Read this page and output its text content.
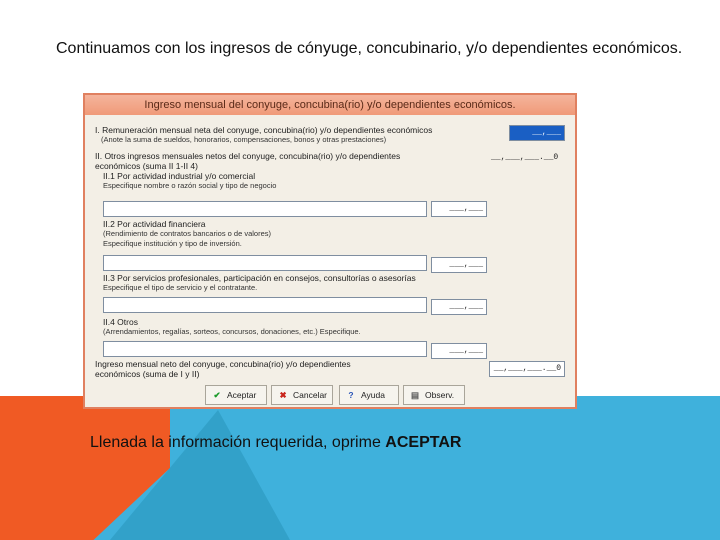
Continuamos con los ingresos de cónyuge, concubinario, y/o dependientes económicos.
Ingreso mensual del conyuge, concubina(rio) y/o dependientes económicos.
I. Remuneración mensual neta del conyuge, concubina(rio) y/o dependientes económicos
(Anote la suma de sueldos, honorarios, compensaciones, bonos y otras prestaciones)
__,___
II. Otros ingresos mensuales netos del conyuge, concubina(rio) y/o dependientes
económicos (suma II 1-II 4)
__,___,___.__0
II.1 Por actividad industrial y/o comercial
Especifique nombre o razón social y tipo de negocio
___,___
II.2 Por actividad financiera
(Rendimiento de contratos bancarios o de valores)
Especifique institución y tipo de inversión.
___,___
II.3 Por servicios profesionales, participación en consejos, consultorías o asesorías
Especifique el tipo de servicio y el contratante.
___,___
II.4 Otros
(Arrendamientos, regalías, sorteos, concursos, donaciones, etc.) Especifique.
___,___
Ingreso mensual neto del conyuge, concubina(rio) y/o dependientes
económicos (suma de I y II)
__,___,___.__0
✔ Aceptar	✖ Cancelar	? Ayuda	▤ Observ.
Llenada la información requerida, oprime ACEPTAR
